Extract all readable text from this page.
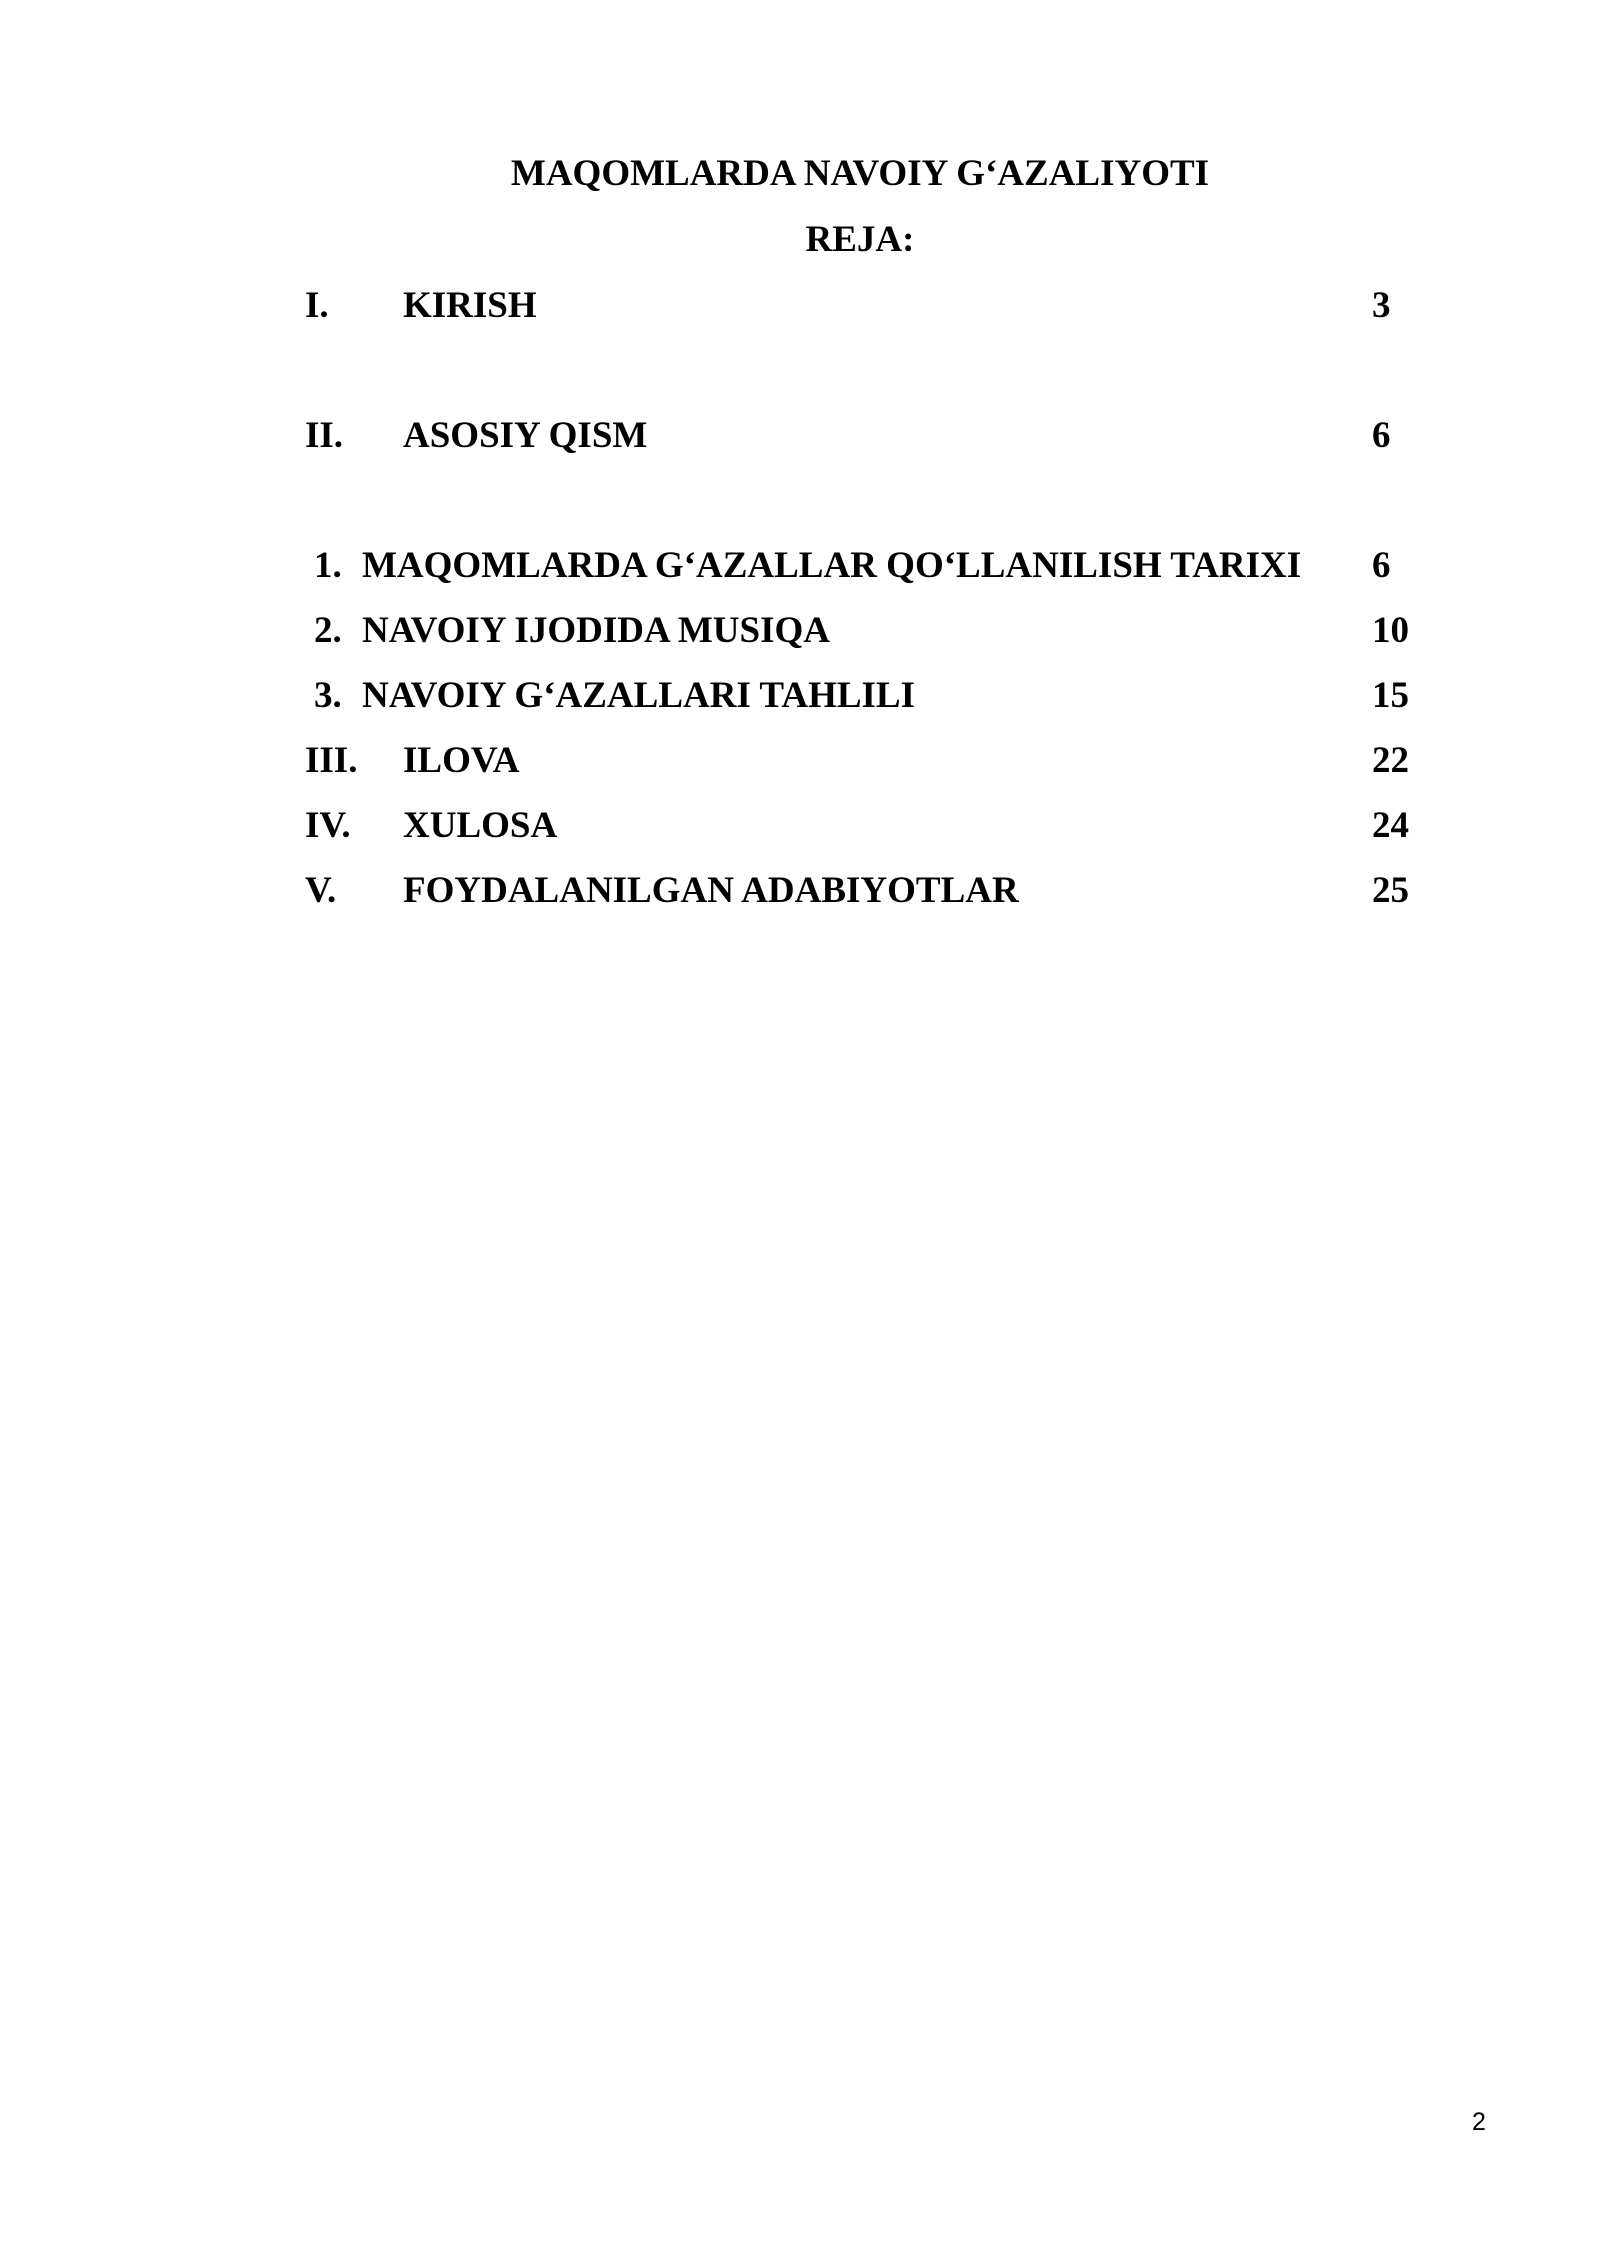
MAQOMLARDA NAVOIY G‘AZALIYOTI
REJA:
I. KIRISH	3
II. ASOSIY QISM	6
1. MAQOMLARDA G‘AZALLAR QO‘LLANILISH TARIXI 6
2. NAVOIY IJODIDA MUSIQA	10
3. NAVOIY G‘AZALLARI TAHLILI	15
III. ILOVA	22
IV. XULOSA	24
V. FOYDALANILGAN ADABIYOTLAR	25
2
